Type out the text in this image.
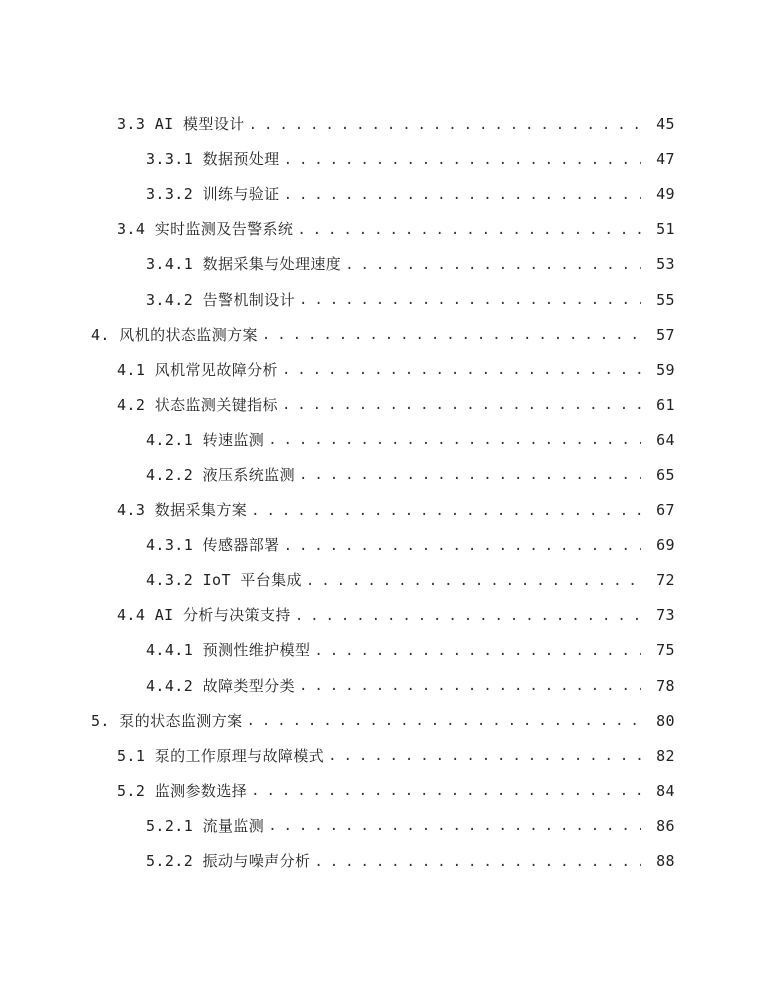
3.3 AI 模型设计 . . .	45
3.3.1 数据预处理 . . .	47
3.3.2 训练与验证 . . .	49
3.4 实时监测及告警系统 . . .	51
3.4.1 数据采集与处理速度 . . .	53
3.4.2 告警机制设计 . . .	55
4. 风机的状态监测方案 . . .	57
4.1 风机常见故障分析 . . .	59
4.2 状态监测关键指标 . . .	61
4.2.1 转速监测 . . .	64
4.2.2 液压系统监测 . . .	65
4.3 数据采集方案 . . .	67
4.3.1 传感器部署 . . .	69
4.3.2 IoT 平台集成 . . .	72
4.4 AI 分析与决策支持 . . .	73
4.4.1 预测性维护模型 . . .	75
4.4.2 故障类型分类 . . .	78
5. 泵的状态监测方案 . . .	80
5.1 泵的工作原理与故障模式 . . .	82
5.2 监测参数选择 . . .	84
5.2.1 流量监测 . . .	86
5.2.2 振动与噪声分析 . . .	88
